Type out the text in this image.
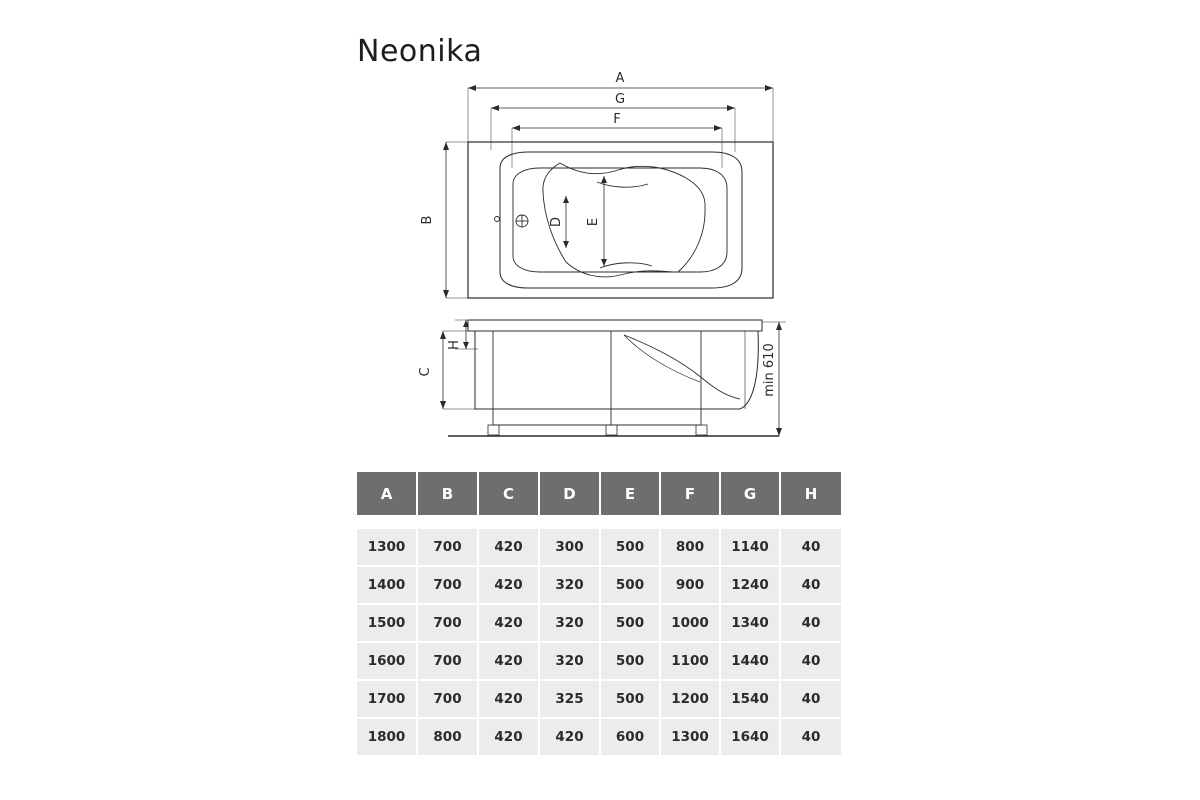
Neonika
A
G
F
B	D E
H
C	min 610
A	B	C	D	E	F	G	H

1300	700	420	300	500	800	1140	40
1400	700	420	320	500	900	1240	40
1500	700	420	320	500	1000	1340	40
1600	700	420	320	500	1100	1440	40
1700	700	420	325	500	1200	1540	40
1800	800	420	420	600	1300	1640	40
